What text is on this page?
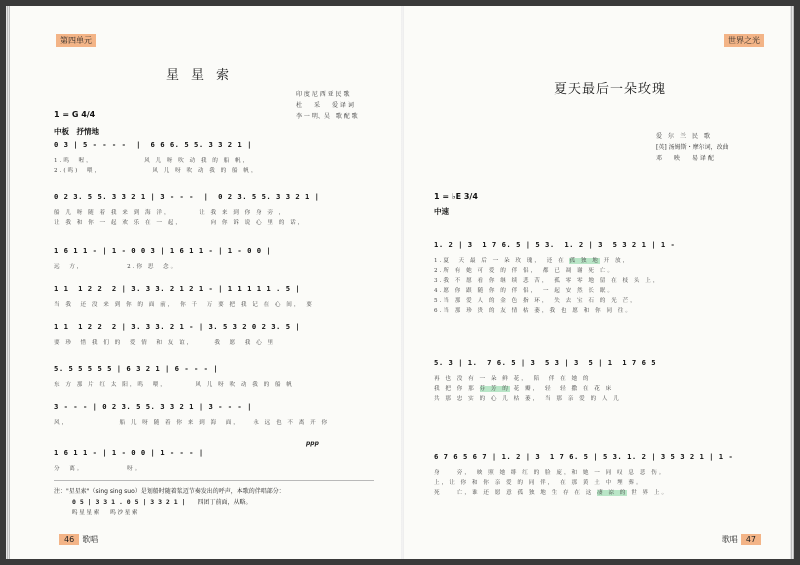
第四单元
星星索
印 度 尼 西 亚 民 歌
杜　　采　　爱 译 词
李 一 明、吴　歌 配 歌
1 = G 4/4
中板　抒情地
0 3 | 5 - - - -  |  6 6 6. 5 5. 3 3 2 1 |
1.呜　喔，　　　　　　　风 儿 呀 吹 动 我 的 船 帆，
2.(呜)　喂，　　　　　　　风 儿 呀 吹 动 我 的 船 帆，
0 2 3. 5 5. 3 3 2 1 | 3 - - -  |  0 2 3. 5 5. 3 3 2 1 |
船 儿 呀 随 着 我 来 到 海 洋，　　　　让 我 来 到 你 身 旁 ，
让 我 和 你 一 起 欢 乐 在 一 起，　　　　向 你 诉 说 心 里 的 话，
1 6 1 1 - | 1 - 0 0 3 | 1 6 1 1 - | 1 - 0 0 |
远　方，　　　　　　2.你 思　念。
1 1  1 2 2  2 | 3. 3 3. 2 1 2 1 - | 1 1 1 1 1 . 5 |
当 我　还 没 来 到 你 的 面 前，　你 千　万 要 把 我 记 在 心 间，　要
1 1  1 2 2  2 | 3. 3 3. 2 1 - | 3. 5 3 2 0 2 3. 5 |
要 珍　惜 我 们 的　爱 情　和 友 谊，　　　我　愿　我 心 里
5. 5 5 5 5 5 | 6 3 2 1 | 6 - - - |
东 方 那 片 红 太 阳，呜　喂，　　　　风 儿 呀 吹 动 我 的 船 帆
3 - - - | 0 2 3. 5 5. 3 3 2 1 | 3 - - - |
风，　　　　　　　船 儿 呀 随 着 你 来 到 海　面，　　永 远 也 不 离 开 你
ppp
1 6 1 1 - | 1 - 0 0 | 1 - - - |
分　离。　　　　　　呀。
注："星星索"（sing sing suo）是划船时随着浆迈节奏发出的呼声，本歌的伴唱部分：
0 5 | 3 3 1 . 0 5 | 3 3 2 1 |　　 四团丁前面，从略。
呜 星 星 索　　呜 沙 星 索
46 歌唱
世界之光
夏天最后一朵玫瑰
爱　尔　兰　民　歌
[英] 汤姆斯・摩尔词，改曲
邓　　映　　易 译 配
1 = ♭E 3/4
中速
1. 2 | 3  1 7 6. 5 | 5 3.  1. 2 | 3  5 3 2 1 | 1 -
1.夏　天 最 后 一 朵 玫 瑰，　还 在 孤 独 地 开 放，
2.所 有 她 可 爱 的 伴 侣，　都 已 凋 谢 死 亡。
3.我 不 愿 看 你 继 续 悲 苦，　孤 零 零 地 留 在 枝 头 上，
4.愿 你 跟 随 你 的 伴 侣，　一 起 安 然 长 眠。
5.当 那 爱 人 的 金 色 指 环，　失 去 宝 石 的 光 芒，
6.当 那 珍 贵 的 友 情 枯 萎，我 也 愿 和 你 同 往。
5. 3 | 1.  7 6. 5 | 3  5 3 | 3  5 | 1  1 7 6 5
再 也 没 有 一 朵 鲜 花，　陪　伴 在 她 的
我 把 你 那 芬 芳 的 花 瓣，　轻　轻 撒 在 花 床
共 那 忠 实 的 心 儿 枯 萎，　当 那 亲 爱 的 人 儿
6 7 6 5 6 7 | 1. 2 | 3  1 7 6. 5 | 5 3. 1. 2 | 3 5 3 2 1 | 1 -
身　　旁，　映 照 她 绯 红 的 脸 庞，和 她 一 同 叹 息 悲 伤。
上，让 你 和 你 亲 爱 的 同 伴，　在 那 黄 土 中 埋 葬。
死　　亡，谁 还 愿 意 孤 独 地 生 存 在 这 凄 凉 的 世 界 上。
歌唱 47
